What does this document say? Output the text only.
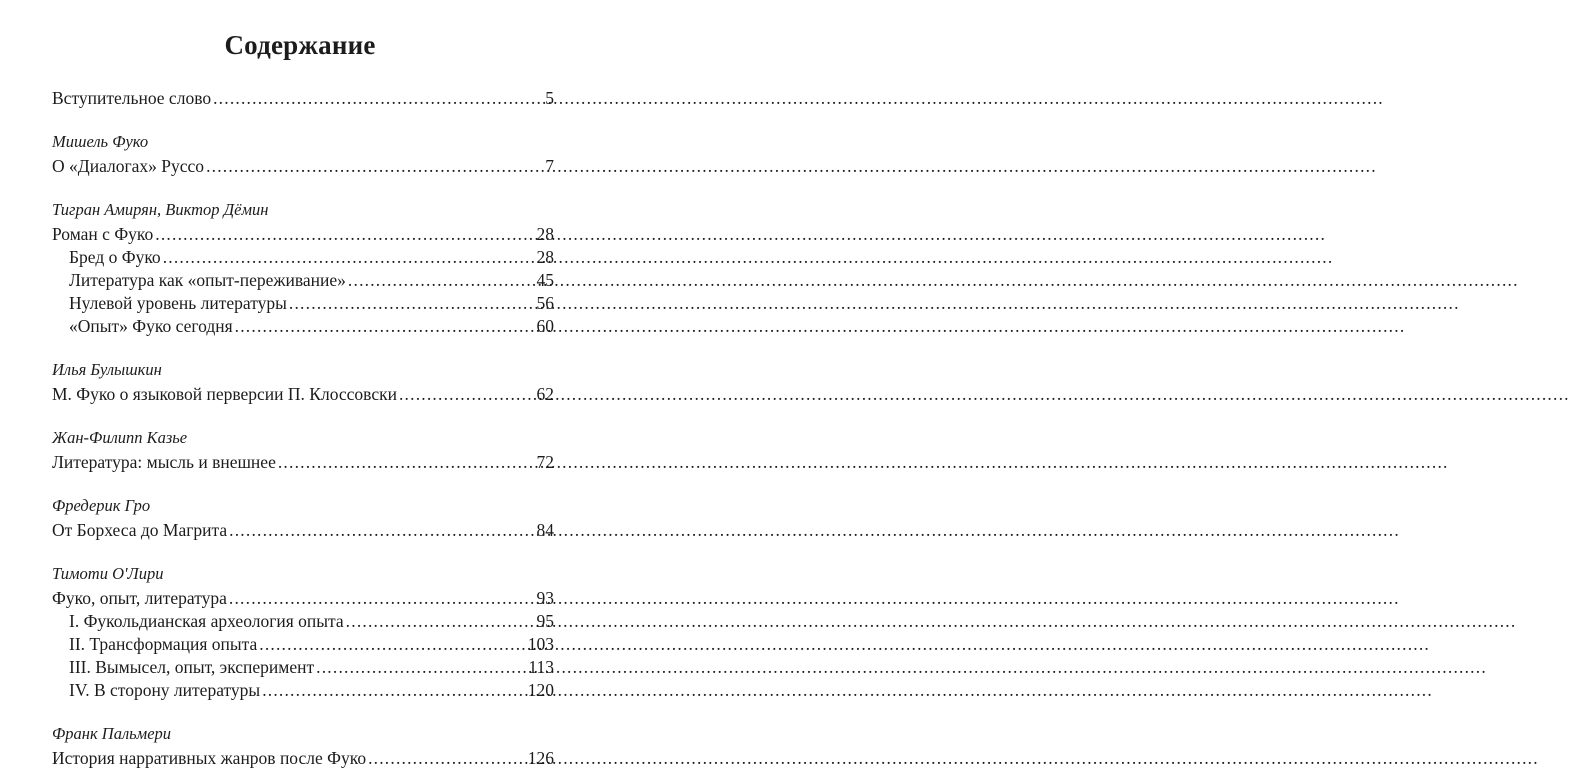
Содержание
Вступительное слово .....	5
Мишель Фуко
О «Диалогах» Руссо .....	7
Тигран Амирян, Виктор Дёмин
Роман с Фуко .....	28
Бред о Фуко .....	28
Литература как «опыт-переживание» .....	45
Нулевой уровень литературы .....	56
«Опыт» Фуко сегодня .....	60
Илья Булышкин
М. Фуко о языковой перверсии П. Клоссовски .....	62
Жан-Филипп Казье
Литература: мысль и внешнее .....	72
Фредерик Гро
От Борхеса до Магрита .....	84
Тимоти О'Лири
Фуко, опыт, литература .....	93
I. Фукольдианская археология опыта .....	95
II. Трансформация опыта .....	103
III. Вымысел, опыт, эксперимент .....	113
IV. В сторону литературы .....	120
Франк Пальмери
История нарративных жанров после Фуко .....	126
